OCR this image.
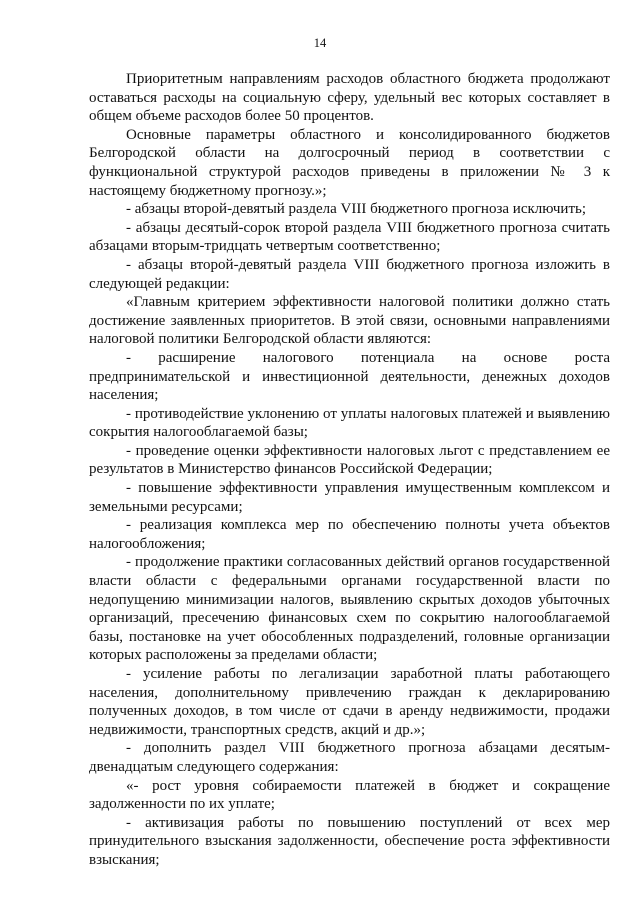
14

Приоритетным направлениям расходов областного бюджета продолжают оставаться расходы на социальную сферу, удельный вес которых составляет в общем объеме расходов более 50 процентов.

Основные параметры областного и консолидированного бюджетов Белгородской области на долгосрочный период в соответствии с функциональной структурой расходов приведены в приложении № 3 к настоящему бюджетному прогнозу.»;

- абзацы второй-девятый раздела VIII бюджетного прогноза исключить;

- абзацы десятый-сорок второй раздела VIII бюджетного прогноза считать абзацами вторым-тридцать четвертым соответственно;

- абзацы второй-девятый раздела VIII бюджетного прогноза изложить в следующей редакции:

«Главным критерием эффективности налоговой политики должно стать достижение заявленных приоритетов. В этой связи, основными направлениями налоговой политики Белгородской области являются:

- расширение налогового потенциала на основе роста предпринимательской и инвестиционной деятельности, денежных доходов населения;

- противодействие уклонению от уплаты налоговых платежей и выявлению сокрытия налогооблагаемой базы;

- проведение оценки эффективности налоговых льгот с представлением ее результатов в Министерство финансов Российской Федерации;

- повышение эффективности управления имущественным комплексом и земельными ресурсами;

- реализация комплекса мер по обеспечению полноты учета объектов налогообложения;

- продолжение практики согласованных действий органов государственной власти области с федеральными органами государственной власти по недопущению минимизации налогов, выявлению скрытых доходов убыточных организаций, пресечению финансовых схем по сокрытию налогооблагаемой базы, постановке на учет обособленных подразделений, головные организации которых расположены за пределами области;

- усиление работы по легализации заработной платы работающего населения, дополнительному привлечению граждан к декларированию полученных доходов, в том числе от сдачи в аренду недвижимости, продажи недвижимости, транспортных средств, акций и др.»;

- дополнить раздел VIII бюджетного прогноза абзацами десятым-двенадцатым следующего содержания:

«- рост уровня собираемости платежей в бюджет и сокращение задолженности по их уплате;

- активизация работы по повышению поступлений от всех мер принудительного взыскания задолженности, обеспечение роста эффективности взыскания;
